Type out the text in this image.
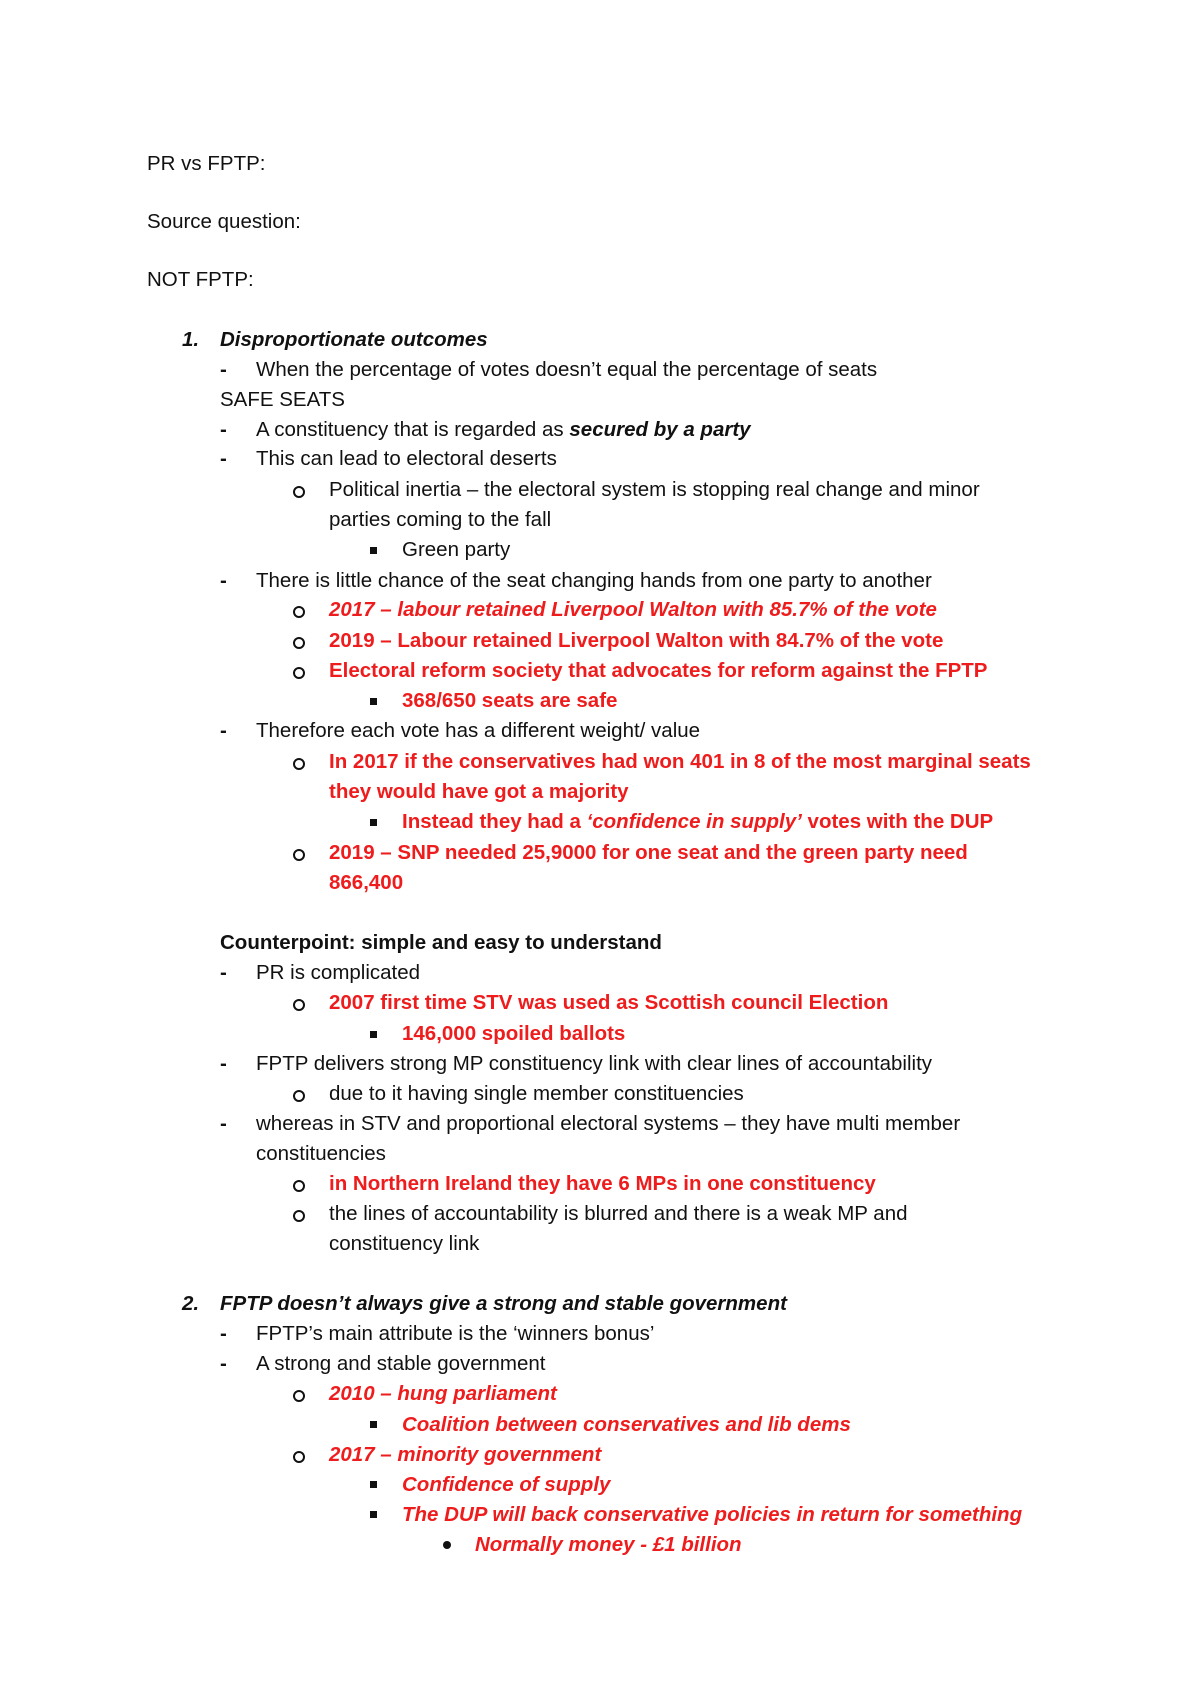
PR vs FPTP:
Source question:
NOT FPTP:
1. Disproportionate outcomes
- When the percentage of votes doesn’t equal the percentage of seats
SAFE SEATS
- A constituency that is regarded as secured by a party
- This can lead to electoral deserts
Political inertia – the electoral system is stopping real change and minor
parties coming to the fall
Green party
- There is little chance of the seat changing hands from one party to another
2017 – labour retained Liverpool Walton with 85.7% of the vote
2019 – Labour retained Liverpool Walton with 84.7% of the vote
Electoral reform society that advocates for reform against the FPTP
368/650 seats are safe
- Therefore each vote has a different weight/ value
In 2017 if the conservatives had won 401 in 8 of the most marginal seats
they would have got a majority
Instead they had a ‘confidence in supply’ votes with the DUP
2019 – SNP needed 25,9000 for one seat and the green party need
866,400
Counterpoint: simple and easy to understand
- PR is complicated
2007 first time STV was used as Scottish council Election
146,000 spoiled ballots
- FPTP delivers strong MP constituency link with clear lines of accountability
due to it having single member constituencies
- whereas in STV and proportional electoral systems – they have multi member
constituencies
in Northern Ireland they have 6 MPs in one constituency
the lines of accountability is blurred and there is a weak MP and
constituency link
2. FPTP doesn’t always give a strong and stable government
- FPTP’s main attribute is the ‘winners bonus’
- A strong and stable government
2010 – hung parliament
Coalition between conservatives and lib dems
2017 – minority government
Confidence of supply
The DUP will back conservative policies in return for something
Normally money - £1 billion
